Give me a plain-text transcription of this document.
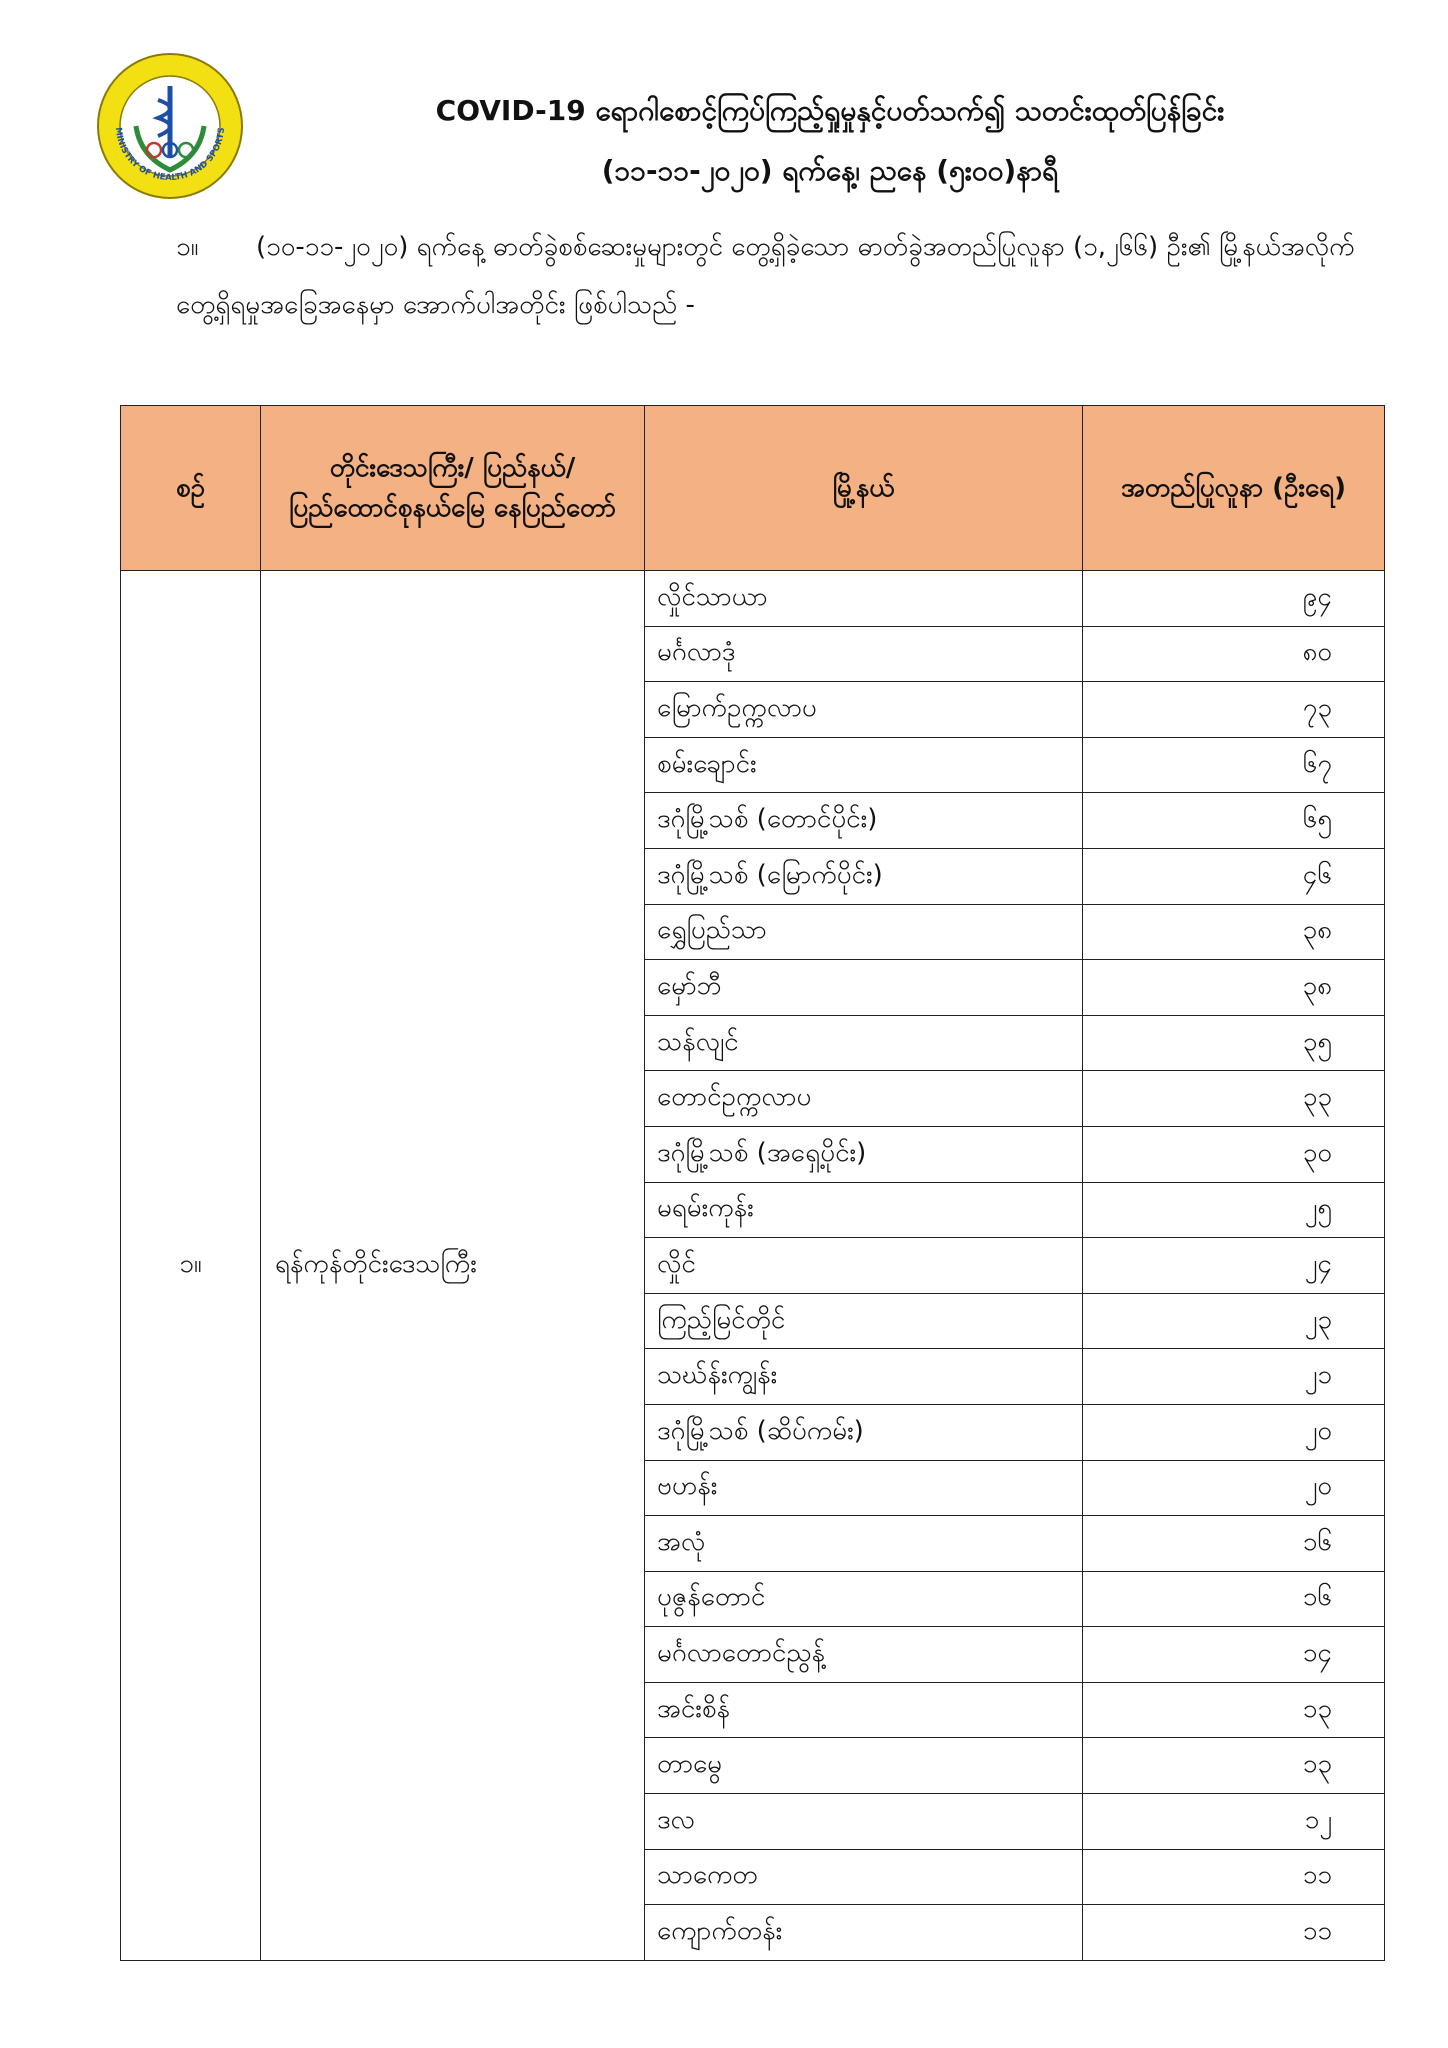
MINISTRY OF HEALTH AND SPORTS
COVID-19 ရောဂါစောင့်ကြပ်ကြည့်ရှုမှုနှင့်ပတ်သက်၍ သတင်းထုတ်ပြန်ခြင်း
(၁၁-၁၁-၂၀၂၀) ရက်နေ့၊ ညနေ (၅း၀၀)နာရီ

၁။ (၁၀-၁၁-၂၀၂၀) ရက်နေ့ ဓာတ်ခွဲစစ်ဆေးမှုများတွင် တွေ့ရှိခဲ့သော ဓာတ်ခွဲအတည်ပြုလူနာ (၁,၂၆၆) ဦး၏ မြို့နယ်အလိုက် တွေ့ရှိရမှုအခြေအနေမှာ အောက်ပါအတိုင်း ဖြစ်ပါသည် -

စဉ်	တိုင်းဒေသကြီး/ ပြည်နယ်/ ပြည်ထောင်စုနယ်မြေ နေပြည်တော်	မြို့နယ်	အတည်ပြုလူနာ (ဦးရေ)
၁။	ရန်ကုန်တိုင်းဒေသကြီး	လှိုင်သာယာ	၉၄
		မင်္ဂလာဒုံ	၈၀
		မြောက်ဥက္ကလာပ	၇၃
		စမ်းချောင်း	၆၇
		ဒဂုံမြို့သစ် (တောင်ပိုင်း)	၆၅
		ဒဂုံမြို့သစ် (မြောက်ပိုင်း)	၄၆
		ရွှေပြည်သာ	၃၈
		မှော်ဘီ	၃၈
		သန်လျင်	၃၅
		တောင်ဥက္ကလာပ	၃၃
		ဒဂုံမြို့သစ် (အရှေ့ပိုင်း)	၃၀
		မရမ်းကုန်း	၂၅
		လှိုင်	၂၄
		ကြည့်မြင်တိုင်	၂၃
		သဃ်န်းကျွန်း	၂၁
		ဒဂုံမြို့သစ် (ဆိပ်ကမ်း)	၂၀
		ဗဟန်း	၂၀
		အလုံ	၁၆
		ပုဇွန်တောင်	၁၆
		မင်္ဂလာတောင်ညွန့်	၁၄
		အင်းစိန်	၁၃
		တာမွေ	၁၃
		ဒလ	၁၂
		သာကေတ	၁၁
		ကျောက်တန်း	၁၁
